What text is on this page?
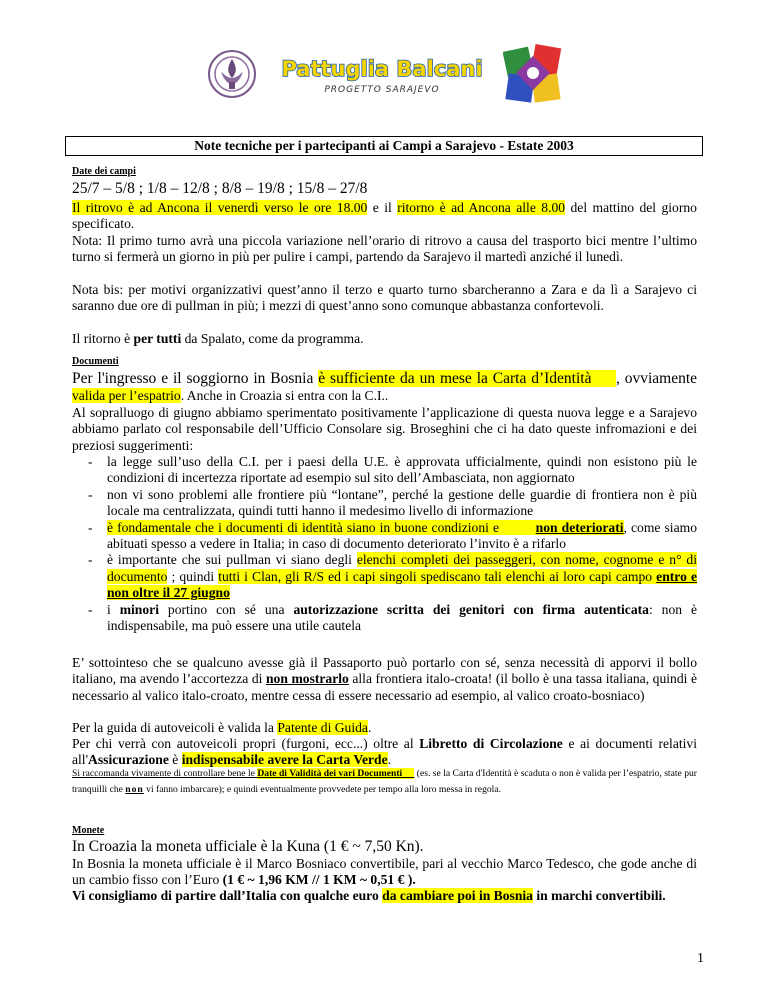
Pattuglia Balcani
PROGETTO SARAJEVO
Note tecniche per i partecipanti ai Campi a Sarajevo - Estate 2003
Date dei campi
25/7 – 5/8 ; 1/8 – 12/8 ; 8/8 – 19/8 ; 15/8 – 27/8
Il ritrovo è ad Ancona il venerdì verso le ore 18.00 e il ritorno è ad Ancona alle 8.00 del mattino del giorno specificato.
Nota: Il primo turno avrà una piccola variazione nell’orario di ritrovo a causa del trasporto bici mentre l’ultimo turno si fermerà un giorno in più per pulire i campi, partendo da Sarajevo il martedì anziché il lunedì.
Nota bis: per motivi organizzativi quest’anno il terzo e quarto turno sbarcheranno a Zara e da lì a Sarajevo ci saranno due ore di pullman in più; i mezzi di quest’anno sono comunque abbastanza confortevoli.
Il ritorno è per tutti da Spalato, come da programma.
Documenti
Per l'ingresso e il soggiorno in Bosnia è sufficiente da un mese la Carta d’Identità , ovviamente valida per l’espatrio. Anche in Croazia si entra con la C.I..
Al sopralluogo di giugno abbiamo sperimentato positivamente l’applicazione di questa nuova legge e a Sarajevo abbiamo parlato col responsabile dell’Ufficio Consolare sig. Broseghini che ci ha dato queste infromazioni e dei preziosi suggerimenti:
- la legge sull’uso della C.I. per i paesi della U.E. è approvata ufficialmente, quindi non esistono più le condizioni di incertezza riportate ad esempio sul sito dell’Ambasciata, non aggiornato
- non vi sono problemi alle frontiere più “lontane”, perché la gestione delle guardie di frontiera non è più locale ma centralizzata, quindi tutti hanno il medesimo livello di informazione
- è fondamentale che i documenti di identità siano in buone condizioni e	non deteriorati, come siamo abituati spesso a vedere in Italia; in caso di documento deteriorato l’invito è a rifarlo
- è importante che sui pullman vi siano degli elenchi completi dei passeggeri, con nome, cognome e n° di documento ; quindi tutti i Clan, gli R/S ed i capi singoli spediscano tali elenchi ai loro capi campo entro e non oltre il 27 giugno
- i minori portino con sé una autorizzazione scritta dei genitori con firma autenticata: non è indispensabile, ma può essere una utile cautela
E’ sottointeso che se qualcuno avesse già il Passaporto può portarlo con sé, senza necessità di apporvi il bollo italiano, ma avendo l’accortezza di non mostrarlo alla frontiera italo-croata! (il bollo è una tassa italiana, quindi è necessario al valico italo-croato, mentre cessa di essere necessario ad esempio, al valico croato-bosniaco)
Per la guida di autoveicoli è valida la Patente di Guida.
Per chi verrà con autoveicoli propri (furgoni, ecc...) oltre al Libretto di Circolazione e ai documenti relativi all'Assicurazione è indispensabile avere la Carta Verde.
Si raccomanda vivamente di controllare bene le Date di Validità dei vari Documenti      (es. se la Carta d'Identità è scaduta o non è valida per l’espatrio, state pur tranquilli che non vi fanno imbarcare); e quindi eventualmente provvedete per tempo alla loro messa in regola.
Monete
In Croazia la moneta ufficiale è la Kuna (1 € ~ 7,50 Kn).
In Bosnia la moneta ufficiale è il Marco Bosniaco convertibile, pari al vecchio Marco Tedesco, che gode anche di un cambio fisso con l’Euro (1 € ~ 1,96 KM // 1 KM ~ 0,51 € ).
Vi consigliamo di partire dall’Italia con qualche euro da cambiare poi in Bosnia in marchi convertibili.
1
